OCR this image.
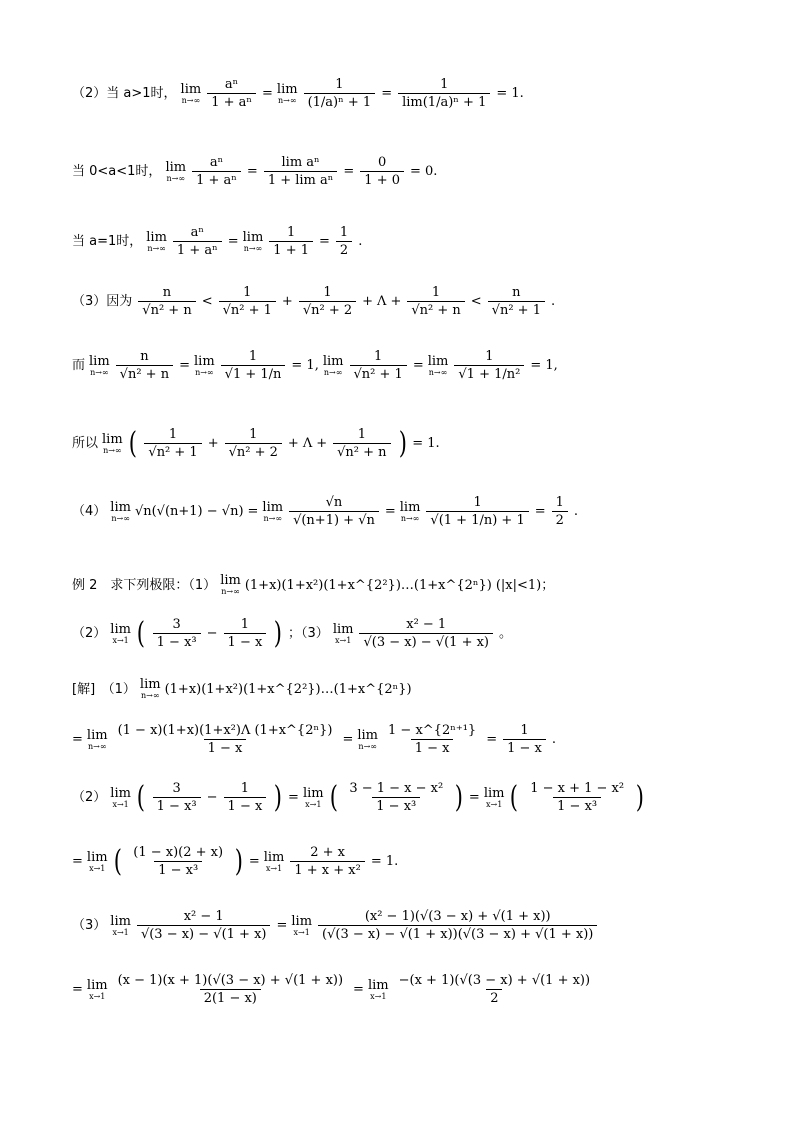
（2）当 a>1时， lim
$n\to\infty \frac{\text{aⁿ}}{\text{1 + aⁿ}} = \lim$
$n\to\infty \frac{1}{\text{(1/a)ⁿ + 1}} = \frac{1}{\text{lim(1/a)ⁿ + 1}} = 1$.
当 0<a<1时， lim
$n\to\infty \frac{\text{aⁿ}}{\text{1 + aⁿ}} = \frac{\text{lim aⁿ}}{\text{1 + lim aⁿ}} = \frac{0}{1 + 0} = 0$.
当 a=1时， lim
$n\to\infty \frac{\text{aⁿ}}{\text{1 + aⁿ}} = \lim$
$n\to\infty \frac{1}{1 + 1} = \frac{1}{2}$ .
（3）因为 $\frac{n}{\text{√n² + n}} < \frac{1}{\text{√n² + 1}} + \frac{1}{\text{√n² + 2}} + \Lambda + \frac{1}{\text{√n² + n}} < \frac{n}{\text{√n² + 1}}$ .
而 lim
$n\to\infty \frac{n}{\text{√n² + n}} = \lim$
$n\to\infty \frac{1}{√1 + 1/n} = 1$, lim
$n\to\infty \frac{1}{\text{√n² + 1}} = \lim$
$n\to\infty \frac{1}{\text{√1 + 1/n²}} = 1$,
所以 lim
n→∞ ( $\frac{1}{\text{√n² + 1}} + \frac{1}{\text{√n² + 2}} + \Lambda + \frac{1}{\text{√n² + n}}$ ) = 1.
（4） lim
n→∞ √n(√(n+1) − √n) = lim
$n\to\infty \frac{√n}{√(n+1) + √n} = \lim$
$n\to\infty \frac{1}{√(1 + 1/n) + 1} = \frac{1}{2}$ .
例 2　求下列极限：（1） lim
n→∞ (1+x)(1+x²)(1+x^{2²})…(1+x^{2ⁿ}) (|x|<1)；
（2） lim
x→1 ( $\frac{3}{\text{1 − x³}} - \frac{1}{1 - x}$ ) ；（3） lim
$x\to 1 \frac{\text{x² − 1}}{√(3 - x) - √(1 + x)}$ 。
[解]　（1） lim
n→∞ (1+x)(1+x²)(1+x^{2²})…(1+x^{2ⁿ})
= lim
$n\to\infty \frac{\text{(1 − x)(1+x)(1+x²)Λ (1+x\textasciicircum{}\{2ⁿ\})}}{1 - x} = \lim$
$n\to\infty \frac{\text{1 − x\textasciicircum{}\{2ⁿ⁺¹\}}}{1 - x} = \frac{1}{1 - x}$ .
（2） lim
x→1 ( $\frac{3}{\text{1 − x³}} - \frac{1}{1 - x}$ ) = lim
x→1 ( $\frac{\text{3 − 1 − x − x²}}{\text{1 − x³}}$ ) = lim
x→1 ( $\frac{\text{1 − x + 1 − x²}}{\text{1 − x³}}$ )
= lim
x→1 ( $\frac{(1 - x)(2 + x)}{\text{1 − x³}}$ ) = lim
$x\to 1 \frac{2 + x}{\text{1 + x + x²}} = 1$.
（3） lim
$x\to 1 \frac{\text{x² − 1}}{√(3 - x) - √(1 + x)} = \lim$
$x\to 1 \frac{\text{(x² − 1)(√(3 − x) + √(1 + x))}}{(√(3 - x) - √(1 + x))(√(3 - x) + √(1 + x))}$
= lim
$x\to 1 \frac{(x - 1)(x + 1)(√(3 - x) + √(1 + x))}{2(1 - x)} = \lim$
$x\to 1 \frac{-(x + 1)(√(3 - x) + √(1 + x))}{2}$
